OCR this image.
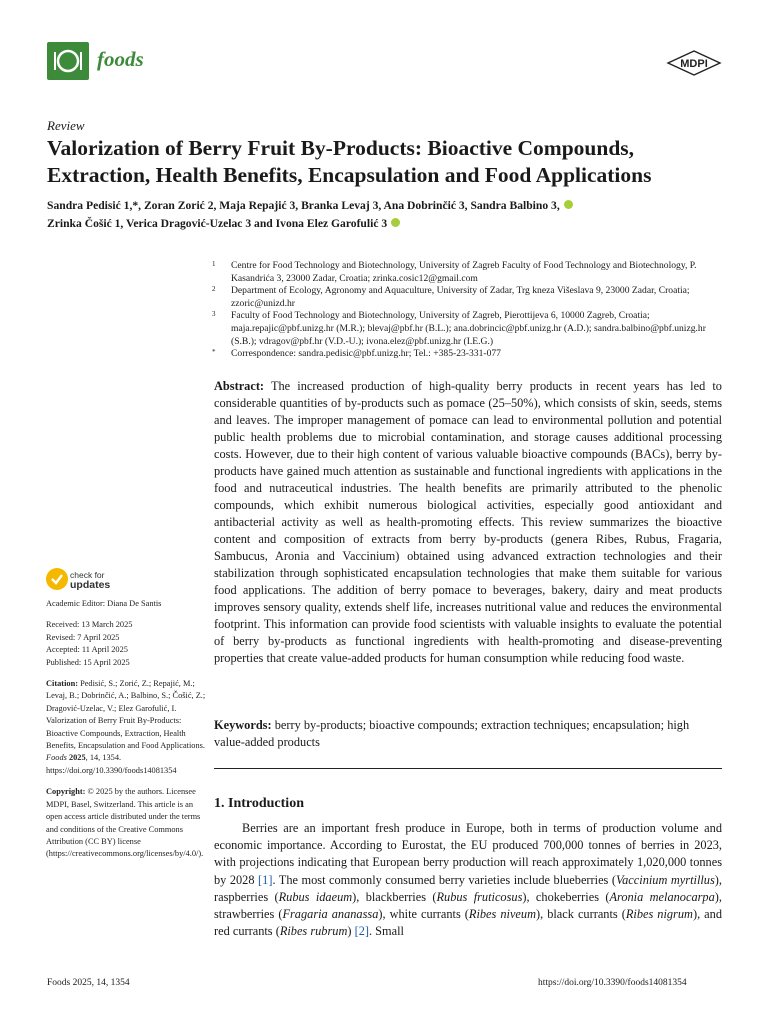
foods	MDPI
Review
Valorization of Berry Fruit By-Products: Bioactive Compounds, Extraction, Health Benefits, Encapsulation and Food Applications
Sandra Pedisić 1,*, Zoran Zorić 2, Maja Repajić 3, Branka Levaj 3, Ana Dobrinčić 3, Sandra Balbino 3,
Zrinka Čošić 1, Verica Dragović-Uzelac 3 and Ivona Elez Garofulić 3
1 Centre for Food Technology and Biotechnology, University of Zagreb Faculty of Food Technology and Biotechnology, P. Kasandrića 3, 23000 Zadar, Croatia; zrinka.cosic12@gmail.com
2 Department of Ecology, Agronomy and Aquaculture, University of Zadar, Trg kneza Višeslava 9, 23000 Zadar, Croatia; zzoric@unizd.hr
3 Faculty of Food Technology and Biotechnology, University of Zagreb, Pierottijeva 6, 10000 Zagreb, Croatia; maja.repajic@pbf.unizg.hr (M.R.); blevaj@pbf.hr (B.L.); ana.dobrincic@pbf.unizg.hr (A.D.); sandra.balbino@pbf.unizg.hr (S.B.); vdragov@pbf.hr (V.D.-U.); ivona.elez@pbf.unizg.hr (I.E.G.)
* Correspondence: sandra.pedisic@pbf.unizg.hr; Tel.: +385-23-331-077
Abstract: The increased production of high-quality berry products in recent years has led to considerable quantities of by-products such as pomace (25–50%), which consists of skin, seeds, stems and leaves. The improper management of pomace can lead to environmental pollution and potential public health problems due to microbial contamination, and storage causes additional processing costs. However, due to their high content of various valuable bioactive compounds (BACs), berry by-products have gained much attention as sustainable and functional ingredients with applications in the food and nutraceutical industries. The health benefits are primarily attributed to the phenolic compounds, which exhibit numerous biological activities, especially good antioxidant and antibacterial activity as well as health-promoting effects. This review summarizes the bioactive content and composition of extracts from berry by-products (genera Ribes, Rubus, Fragaria, Sambucus, Aronia and Vaccinium) obtained using advanced extraction technologies and their stabilization through sophisticated encapsulation technologies that make them suitable for various food applications. The addition of berry pomace to beverages, bakery, dairy and meat products improves sensory quality, extends shelf life, increases nutritional value and reduces the environmental footprint. This information can provide food scientists with valuable insights to evaluate the potential of berry by-products as functional ingredients with health-promoting and disease-preventing properties that create value-added products for human consumption while reducing food waste.
Keywords: berry by-products; bioactive compounds; extraction techniques; encapsulation; high value-added products
1. Introduction
Berries are an important fresh produce in Europe, both in terms of production volume and economic importance. According to Eurostat, the EU produced 700,000 tonnes of berries in 2023, with projections indicating that European berry production will reach approximately 1,020,000 tonnes by 2028 [1]. The most commonly consumed berry varieties include blueberries (Vaccinium myrtillus), raspberries (Rubus idaeum), blackberries (Rubus fruticosus), chokeberries (Aronia melanocarpa), strawberries (Fragaria ananassa), white currants (Ribes niveum), black currants (Ribes nigrum), and red currants (Ribes rubrum) [2]. Small
check for
updates
Academic Editor: Diana De Santis
Received: 13 March 2025
Revised: 7 April 2025
Accepted: 11 April 2025
Published: 15 April 2025
Citation: Pedisić, S.; Zorić, Z.; Repajić, M.; Levaj, B.; Dobrinčić, A.; Balbino, S.; Čošić, Z.; Dragović-Uzelac, V.; Elez Garofulić, I. Valorization of Berry Fruit By-Products: Bioactive Compounds, Extraction, Health Benefits, Encapsulation and Food Applications. Foods 2025, 14, 1354. https://doi.org/10.3390/foods14081354
Copyright: © 2025 by the authors. Licensee MDPI, Basel, Switzerland. This article is an open access article distributed under the terms and conditions of the Creative Commons Attribution (CC BY) license (https://creativecommons.org/licenses/by/4.0/).
Foods 2025, 14, 1354	https://doi.org/10.3390/foods14081354
